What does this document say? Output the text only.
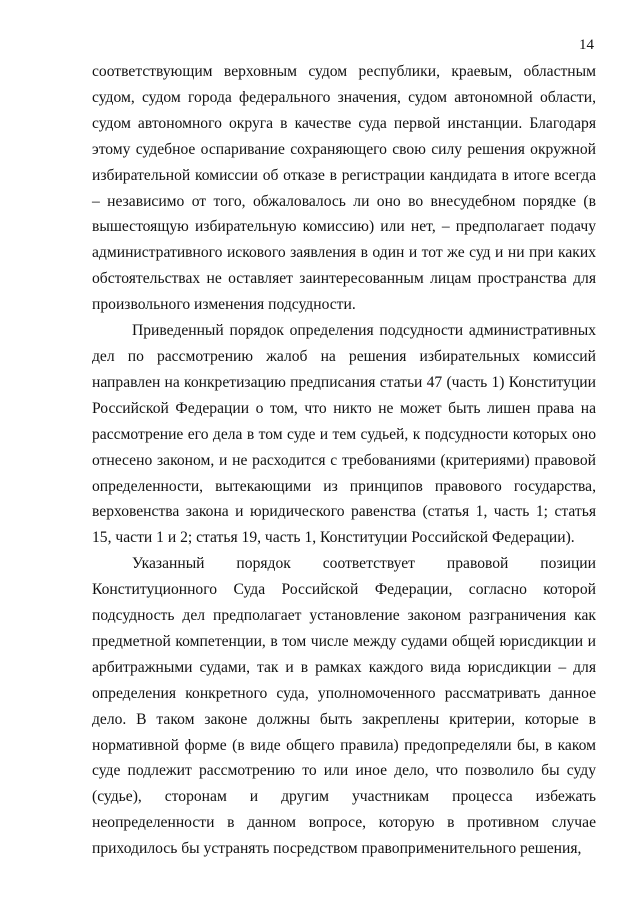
14

соответствующим верховным судом республики, краевым, областным судом, судом города федерального значения, судом автономной области, судом автономного округа в качестве суда первой инстанции. Благодаря этому судебное оспаривание сохраняющего свою силу решения окружной избирательной комиссии об отказе в регистрации кандидата в итоге всегда – независимо от того, обжаловалось ли оно во внесудебном порядке (в вышестоящую избирательную комиссию) или нет, – предполагает подачу административного искового заявления в один и тот же суд и ни при каких обстоятельствах не оставляет заинтересованным лицам пространства для произвольного изменения подсудности.

Приведенный порядок определения подсудности административных дел по рассмотрению жалоб на решения избирательных комиссий направлен на конкретизацию предписания статьи 47 (часть 1) Конституции Российской Федерации о том, что никто не может быть лишен права на рассмотрение его дела в том суде и тем судьей, к подсудности которых оно отнесено законом, и не расходится с требованиями (критериями) правовой определенности, вытекающими из принципов правового государства, верховенства закона и юридического равенства (статья 1, часть 1; статья 15, части 1 и 2; статья 19, часть 1, Конституции Российской Федерации).

Указанный порядок соответствует правовой позиции Конституционного Суда Российской Федерации, согласно которой подсудность дел предполагает установление законом разграничения как предметной компетенции, в том числе между судами общей юрисдикции и арбитражными судами, так и в рамках каждого вида юрисдикции – для определения конкретного суда, уполномоченного рассматривать данное дело. В таком законе должны быть закреплены критерии, которые в нормативной форме (в виде общего правила) предопределяли бы, в каком суде подлежит рассмотрению то или иное дело, что позволило бы суду (судье), сторонам и другим участникам процесса избежать неопределенности в данном вопросе, которую в противном случае приходилось бы устранять посредством правоприменительного решения,
